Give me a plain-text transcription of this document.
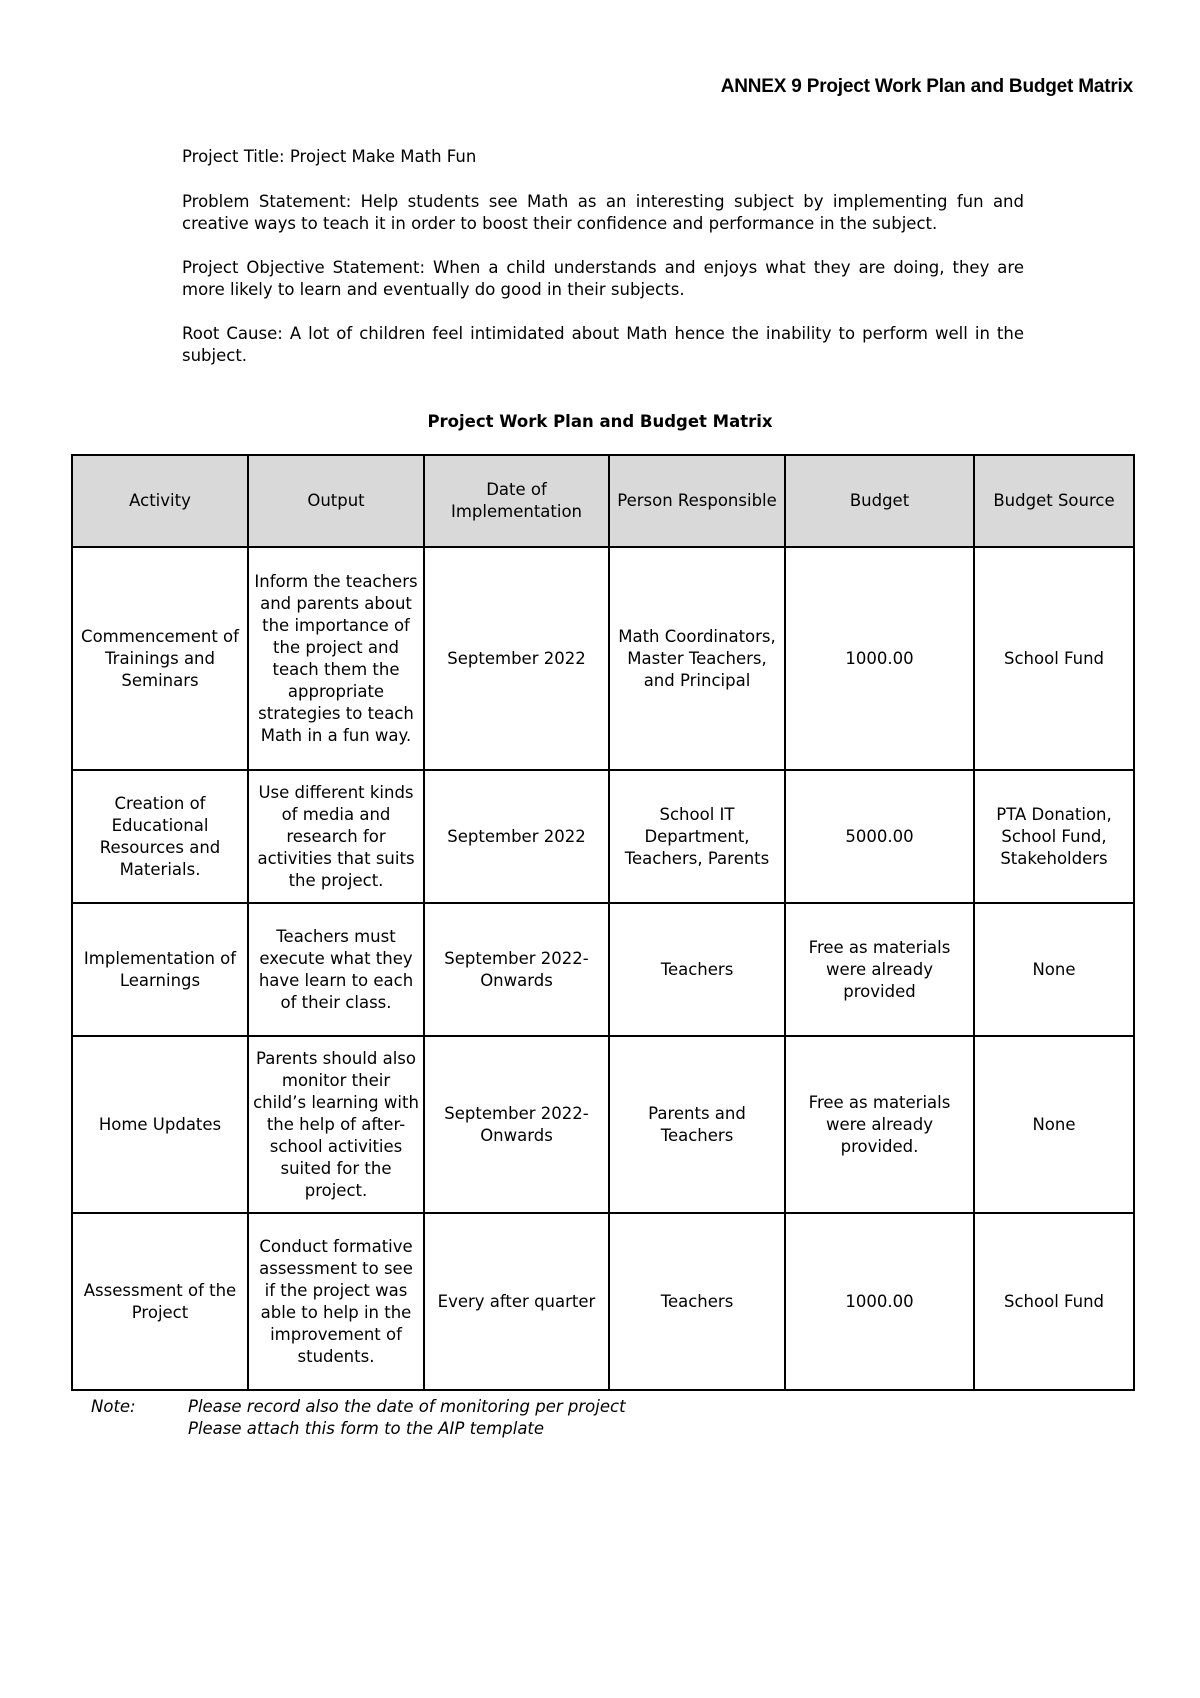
ANNEX 9 Project Work Plan and Budget Matrix

Project Title: Project Make Math Fun

Problem Statement: Help students see Math as an interesting subject by implementing fun and creative ways to teach it in order to boost their confidence and performance in the subject.

Project Objective Statement: When a child understands and enjoys what they are doing, they are more likely to learn and eventually do good in their subjects.

Root Cause: A lot of children feel intimidated about Math hence the inability to perform well in the subject.

Project Work Plan and Budget Matrix
Activity	Output	Date of Implementation	Person Responsible	Budget	Budget Source
Commencement of Trainings and Seminars	Inform the teachers and parents about the importance of the project and teach them the appropriate strategies to teach Math in a fun way.	September 2022	Math Coordinators, Master Teachers, and Principal	1000.00	School Fund
Creation of Educational Resources and Materials.	Use different kinds of media and research for activities that suits the project.	September 2022	School IT Department, Teachers, Parents	5000.00	PTA Donation, School Fund, Stakeholders
Implementation of Learnings	Teachers must execute what they have learn to each of their class.	September 2022-Onwards	Teachers	Free as materials were already provided	None
Home Updates	Parents should also monitor their child’s learning with the help of after-school activities suited for the project.	September 2022-Onwards	Parents and Teachers	Free as materials were already provided.	None
Assessment of the Project	Conduct formative assessment to see if the project was able to help in the improvement of students.	Every after quarter	Teachers	1000.00	School Fund
Note:	Please record also the date of monitoring per project
Please attach this form to the AIP template
